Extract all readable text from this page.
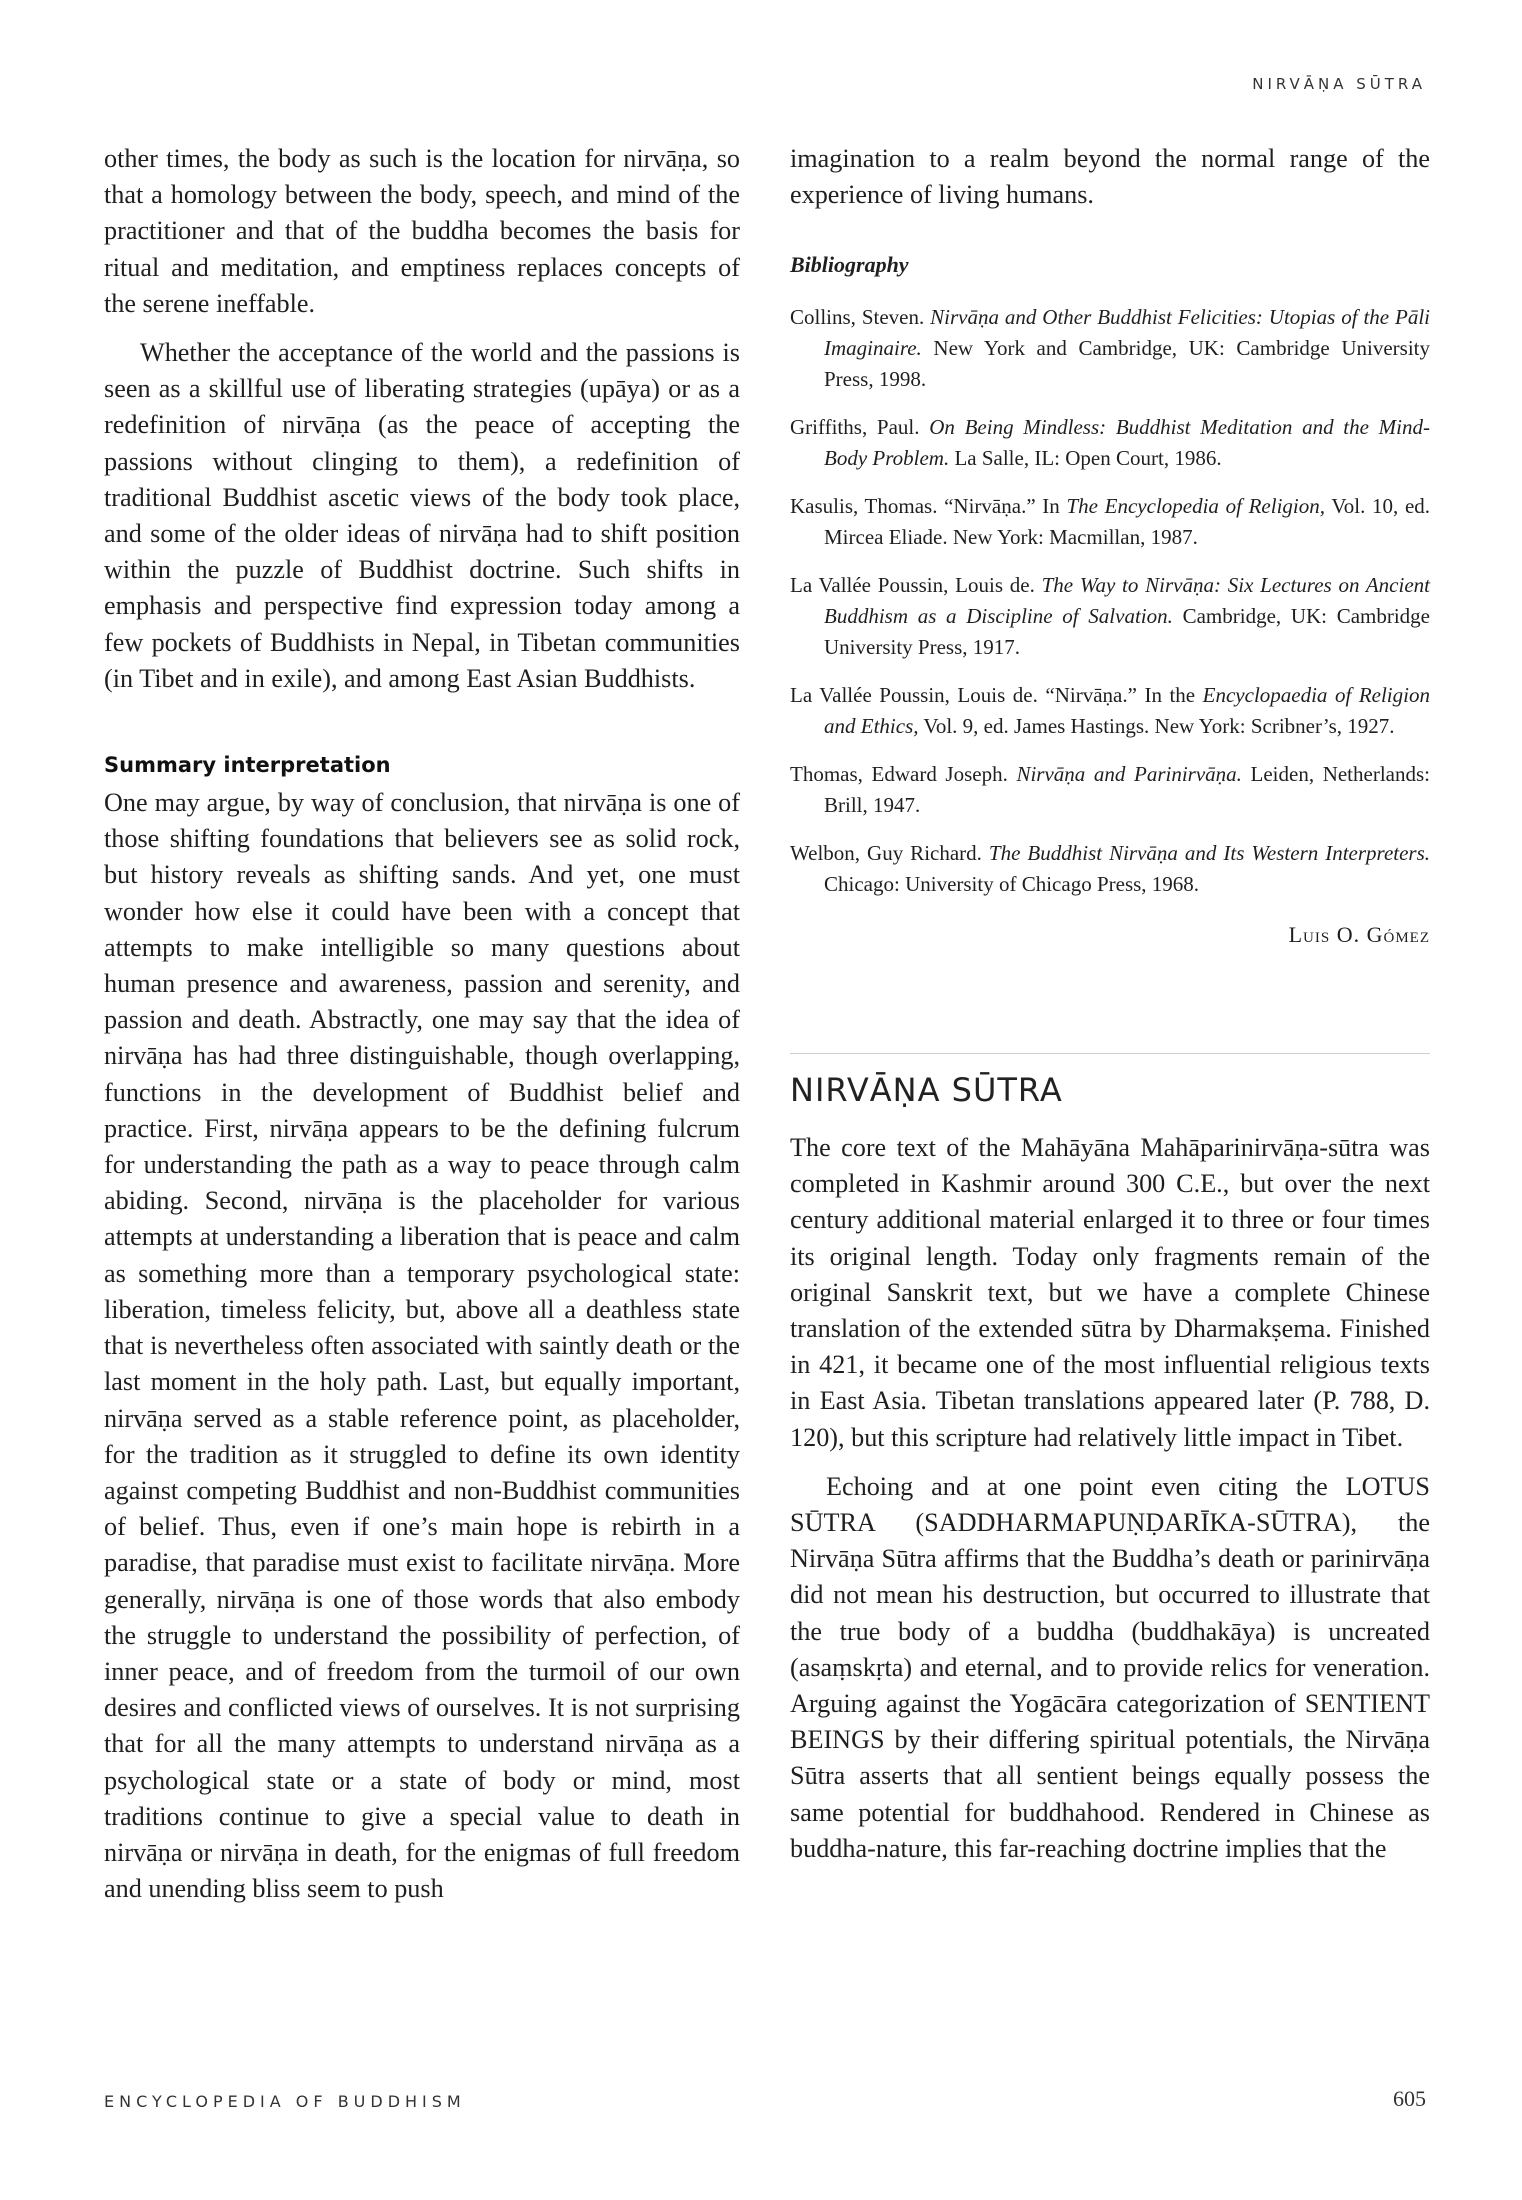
NIRVĀṆA SŪTRA

other times, the body as such is the location for nirvāṇa, so that a homology between the body, speech, and mind of the practitioner and that of the buddha becomes the basis for ritual and meditation, and emptiness replaces concepts of the serene ineffable.

Whether the acceptance of the world and the passions is seen as a skillful use of liberating strategies (upāya) or as a redefinition of nirvāṇa (as the peace of accepting the passions without clinging to them), a redefinition of traditional Buddhist ascetic views of the body took place, and some of the older ideas of nirvāṇa had to shift position within the puzzle of Buddhist doctrine. Such shifts in emphasis and perspective find expression today among a few pockets of Buddhists in Nepal, in Tibetan communities (in Tibet and in exile), and among East Asian Buddhists.

Summary interpretation

One may argue, by way of conclusion, that nirvāṇa is one of those shifting foundations that believers see as solid rock, but history reveals as shifting sands. And yet, one must wonder how else it could have been with a concept that attempts to make intelligible so many questions about human presence and awareness, passion and serenity, and passion and death. Abstractly, one may say that the idea of nirvāṇa has had three distinguishable, though overlapping, functions in the development of Buddhist belief and practice. First, nirvāṇa appears to be the defining fulcrum for understanding the path as a way to peace through calm abiding. Second, nirvāṇa is the placeholder for various attempts at understanding a liberation that is peace and calm as something more than a temporary psychological state: liberation, timeless felicity, but, above all a deathless state that is nevertheless often associated with saintly death or the last moment in the holy path. Last, but equally important, nirvāṇa served as a stable reference point, as placeholder, for the tradition as it struggled to define its own identity against competing Buddhist and non-Buddhist communities of belief. Thus, even if one’s main hope is rebirth in a paradise, that paradise must exist to facilitate nirvāṇa. More generally, nirvāṇa is one of those words that also embody the struggle to understand the possibility of perfection, of inner peace, and of freedom from the turmoil of our own desires and conflicted views of ourselves. It is not surprising that for all the many attempts to understand nirvāṇa as a psychological state or a state of body or mind, most traditions continue to give a special value to death in nirvāṇa or nirvāṇa in death, for the enigmas of full freedom and unending bliss seem to push

imagination to a realm beyond the normal range of the experience of living humans.

Bibliography
Collins, Steven. Nirvāṇa and Other Buddhist Felicities: Utopias of the Pāli Imaginaire. New York and Cambridge, UK: Cambridge University Press, 1998.
Griffiths, Paul. On Being Mindless: Buddhist Meditation and the Mind-Body Problem. La Salle, IL: Open Court, 1986.
Kasulis, Thomas. “Nirvāṇa.” In The Encyclopedia of Religion, Vol. 10, ed. Mircea Eliade. New York: Macmillan, 1987.
La Vallée Poussin, Louis de. The Way to Nirvāṇa: Six Lectures on Ancient Buddhism as a Discipline of Salvation. Cambridge, UK: Cambridge University Press, 1917.
La Vallée Poussin, Louis de. “Nirvāṇa.” In the Encyclopaedia of Religion and Ethics, Vol. 9, ed. James Hastings. New York: Scribner’s, 1927.
Thomas, Edward Joseph. Nirvāṇa and Parinirvāṇa. Leiden, Netherlands: Brill, 1947.
Welbon, Guy Richard. The Buddhist Nirvāṇa and Its Western Interpreters. Chicago: University of Chicago Press, 1968.
Luis O. Gómez
NIRVĀṆA SŪTRA

The core text of the Mahāyāna Mahāparinirvāṇa-sūtra was completed in Kashmir around 300 C.E., but over the next century additional material enlarged it to three or four times its original length. Today only fragments remain of the original Sanskrit text, but we have a complete Chinese translation of the extended sūtra by Dharmakṣema. Finished in 421, it became one of the most influential religious texts in East Asia. Tibetan translations appeared later (P. 788, D. 120), but this scripture had relatively little impact in Tibet.

Echoing and at one point even citing the LOTUS SŪTRA (SADDHARMAPUṆḌARĪKA-SŪTRA), the Nirvāṇa Sūtra affirms that the Buddha’s death or parinirvāṇa did not mean his destruction, but occurred to illustrate that the true body of a buddha (buddhakāya) is uncreated (asaṃskṛta) and eternal, and to provide relics for veneration. Arguing against the Yogācāra categorization of SENTIENT BEINGS by their differing spiritual potentials, the Nirvāṇa Sūtra asserts that all sentient beings equally possess the same potential for buddhahood. Rendered in Chinese as buddha-nature, this far-reaching doctrine implies that the

ENCYCLOPEDIA OF BUDDHISM	605
